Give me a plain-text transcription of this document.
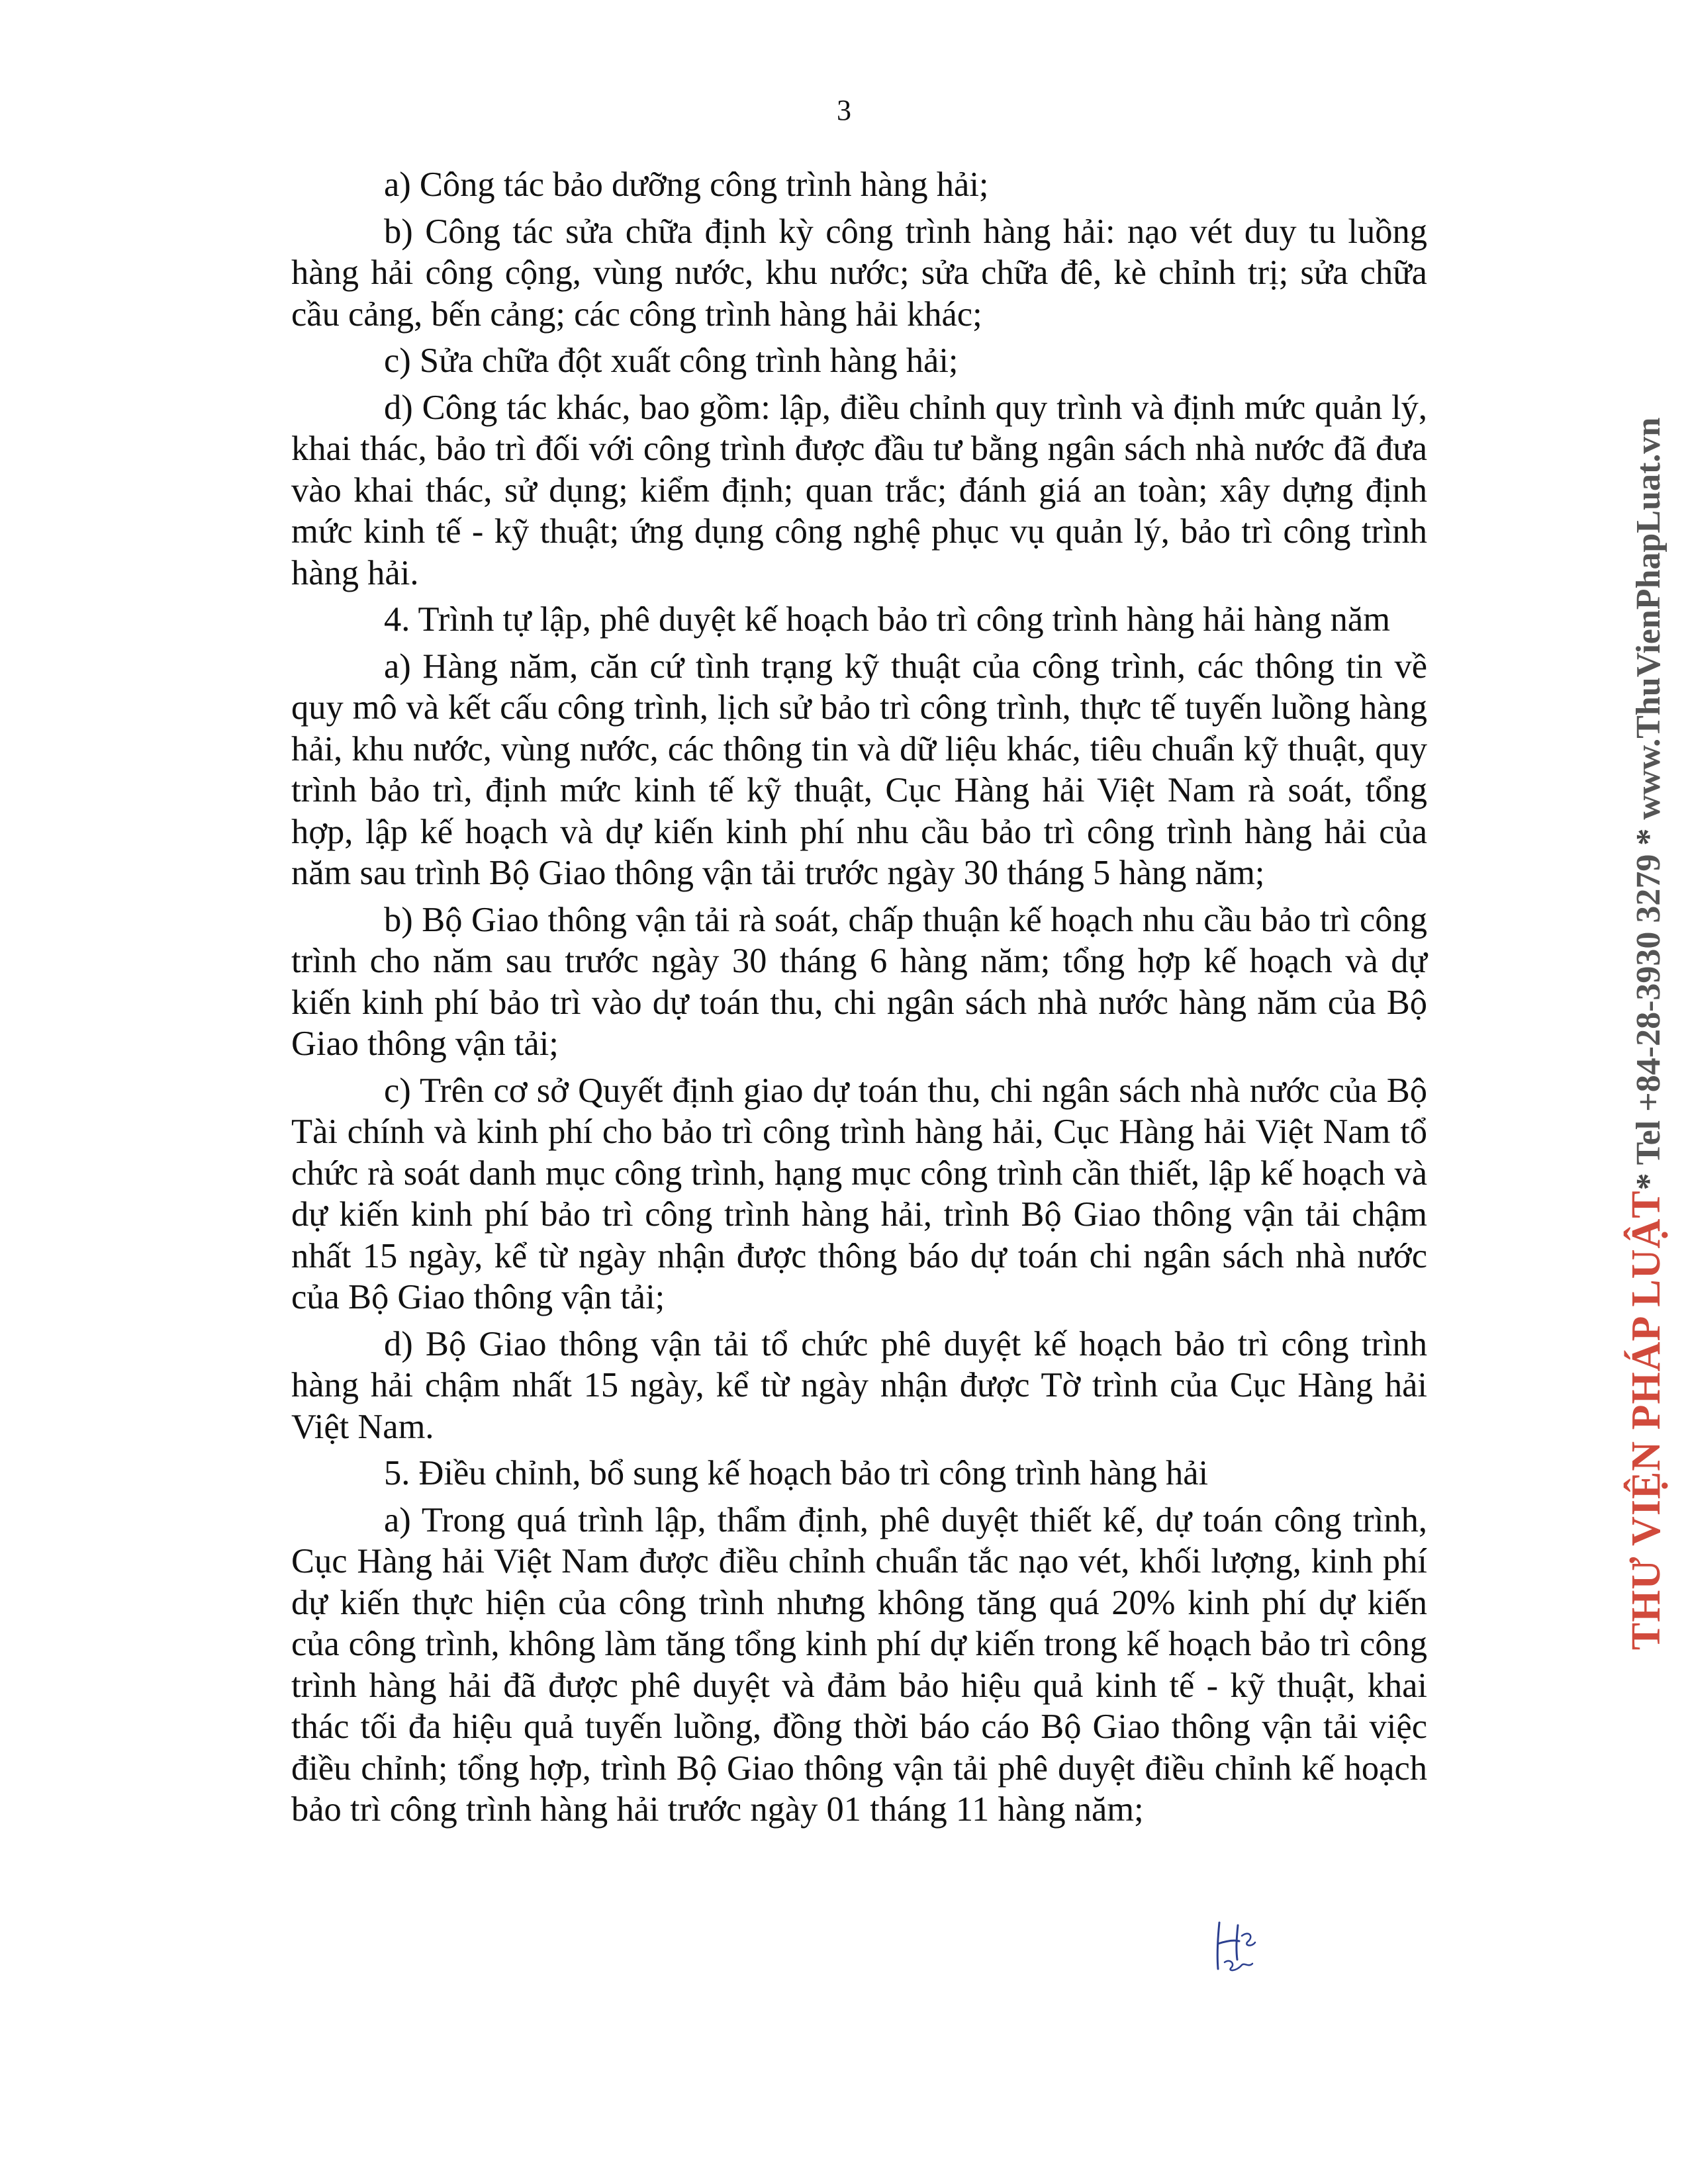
3

a) Công tác bảo dưỡng công trình hàng hải;

b) Công tác sửa chữa định kỳ công trình hàng hải: nạo vét duy tu luồng hàng hải công cộng, vùng nước, khu nước; sửa chữa đê, kè chỉnh trị; sửa chữa cầu cảng, bến cảng; các công trình hàng hải khác;

c) Sửa chữa đột xuất công trình hàng hải;

d) Công tác khác, bao gồm: lập, điều chỉnh quy trình và định mức quản lý, khai thác, bảo trì đối với công trình được đầu tư bằng ngân sách nhà nước đã đưa vào khai thác, sử dụng; kiểm định; quan trắc; đánh giá an toàn; xây dựng định mức kinh tế - kỹ thuật; ứng dụng công nghệ phục vụ quản lý, bảo trì công trình hàng hải.

4. Trình tự lập, phê duyệt kế hoạch bảo trì công trình hàng hải hàng năm

a) Hàng năm, căn cứ tình trạng kỹ thuật của công trình, các thông tin về quy mô và kết cấu công trình, lịch sử bảo trì công trình, thực tế tuyến luồng hàng hải, khu nước, vùng nước, các thông tin và dữ liệu khác, tiêu chuẩn kỹ thuật, quy trình bảo trì, định mức kinh tế kỹ thuật, Cục Hàng hải Việt Nam rà soát, tổng hợp, lập kế hoạch và dự kiến kinh phí nhu cầu bảo trì công trình hàng hải của năm sau trình Bộ Giao thông vận tải trước ngày 30 tháng 5 hàng năm;

b) Bộ Giao thông vận tải rà soát, chấp thuận kế hoạch nhu cầu bảo trì công trình cho năm sau trước ngày 30 tháng 6 hàng năm; tổng hợp kế hoạch và dự kiến kinh phí bảo trì vào dự toán thu, chi ngân sách nhà nước hàng năm của Bộ Giao thông vận tải;

c) Trên cơ sở Quyết định giao dự toán thu, chi ngân sách nhà nước của Bộ Tài chính và kinh phí cho bảo trì công trình hàng hải, Cục Hàng hải Việt Nam tổ chức rà soát danh mục công trình, hạng mục công trình cần thiết, lập kế hoạch và dự kiến kinh phí bảo trì công trình hàng hải, trình Bộ Giao thông vận tải chậm nhất 15 ngày, kể từ ngày nhận được thông báo dự toán chi ngân sách nhà nước của Bộ Giao thông vận tải;

d) Bộ Giao thông vận tải tổ chức phê duyệt kế hoạch bảo trì công trình hàng hải chậm nhất 15 ngày, kể từ ngày nhận được Tờ trình của Cục Hàng hải Việt Nam.

5. Điều chỉnh, bổ sung kế hoạch bảo trì công trình hàng hải

a) Trong quá trình lập, thẩm định, phê duyệt thiết kế, dự toán công trình, Cục Hàng hải Việt Nam được điều chỉnh chuẩn tắc nạo vét, khối lượng, kinh phí dự kiến thực hiện của công trình nhưng không tăng quá 20% kinh phí dự kiến của công trình, không làm tăng tổng kinh phí dự kiến trong kế hoạch bảo trì công trình hàng hải đã được phê duyệt và đảm bảo hiệu quả kinh tế - kỹ thuật, khai thác tối đa hiệu quả tuyến luồng, đồng thời báo cáo Bộ Giao thông vận tải việc điều chỉnh; tổng hợp, trình Bộ Giao thông vận tải phê duyệt điều chỉnh kế hoạch bảo trì công trình hàng hải trước ngày 01 tháng 11 hàng năm;

THƯ VIỆN PHÁP LUẬT* Tel +84-28-3930 3279 * www.ThuVienPhapLuat.vn
